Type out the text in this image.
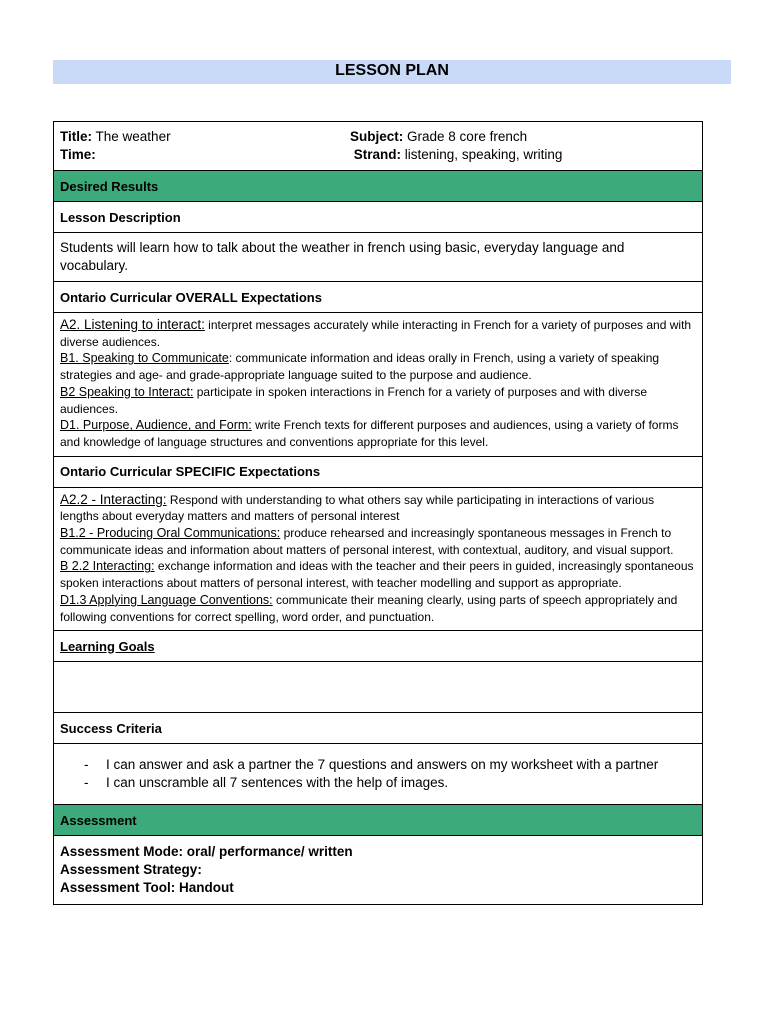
LESSON PLAN
Title: The weather	Subject: Grade 8 core french
Time:	Strand: listening, speaking, writing

Desired Results
Lesson Description
Students will learn how to talk about the weather in french using basic, everyday language and vocabulary.
Ontario Curricular OVERALL Expectations

A2. Listening to interact: interpret messages accurately while interacting in French for a variety of purposes and with diverse audiences.
B1. Speaking to Communicate: communicate information and ideas orally in French, using a variety of speaking strategies and age- and grade-appropriate language suited to the purpose and audience.
B2 Speaking to Interact: participate in spoken interactions in French for a variety of purposes and with diverse audiences.
D1. Purpose, Audience, and Form: write French texts for different purposes and audiences, using a variety of forms and knowledge of language structures and conventions appropriate for this level.

Ontario Curricular SPECIFIC Expectations

A2.2 - Interacting: Respond with understanding to what others say while participating in interactions of various lengths about everyday matters and matters of personal interest
B1.2 - Producing Oral Communications: produce rehearsed and increasingly spontaneous messages in French to communicate ideas and information about matters of personal interest, with contextual, auditory, and visual support.
B 2.2 Interacting: exchange information and ideas with the teacher and their peers in guided, increasingly spontaneous spoken interactions about matters of personal interest, with teacher modelling and support as appropriate.
D1.3 Applying Language Conventions: communicate their meaning clearly, using parts of speech appropriately and following conventions for correct spelling, word order, and punctuation.

Learning Goals

Success Criteria

- I can answer and ask a partner the 7 questions and answers on my worksheet with a partner
- I can unscramble all 7 sentences with the help of images.

Assessment

Assessment Mode: oral/ performance/ written
Assessment Strategy:
Assessment Tool: Handout
